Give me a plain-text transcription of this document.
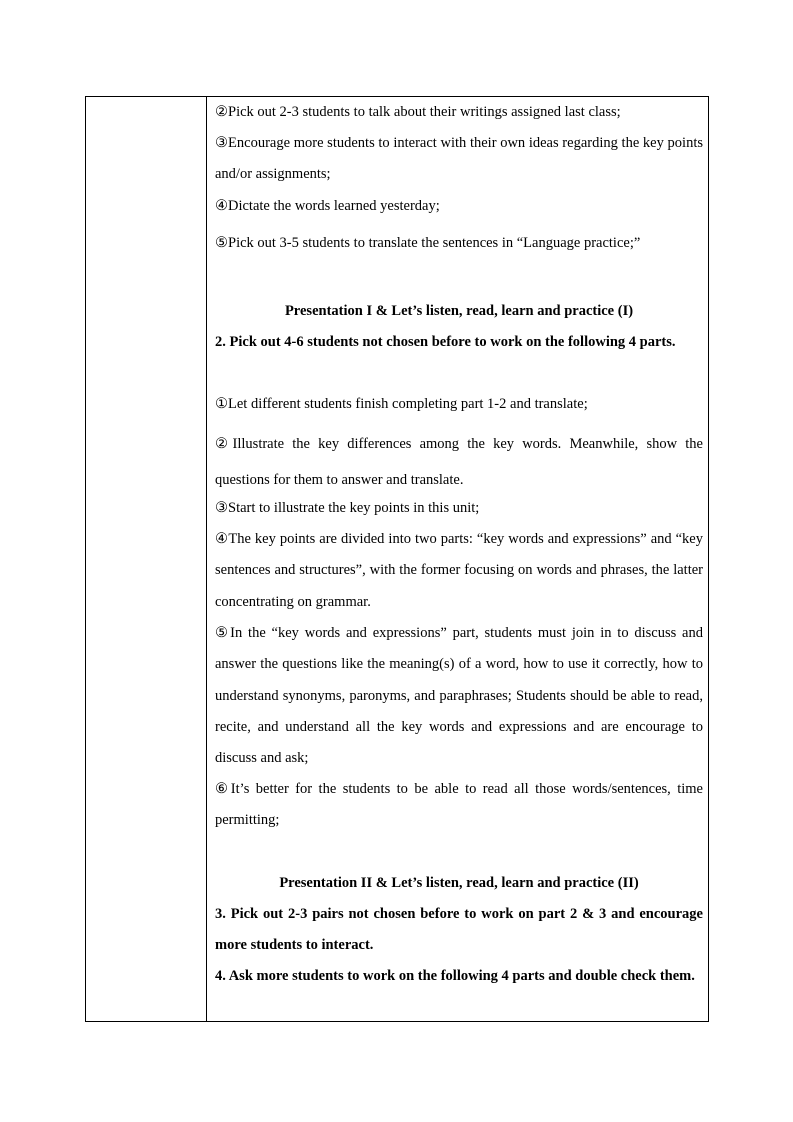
②Pick out 2-3 students to talk about their writings assigned last class;

③Encourage more students to interact with their own ideas regarding the key points and/or assignments;

④Dictate the words learned yesterday;

⑤Pick out 3-5 students to translate the sentences in “Language practice;”

Presentation I & Let’s listen, read, learn and practice (I)

2. Pick out 4-6 students not chosen before to work on the following 4 parts.

①Let different students finish completing part 1-2 and translate;

②Illustrate the key differences among the key words. Meanwhile, show the questions for them to answer and translate.

③Start to illustrate the key points in this unit;

④The key points are divided into two parts: “key words and expressions” and “key sentences and structures”, with the former focusing on words and phrases, the latter concentrating on grammar.

⑤In the “key words and expressions” part, students must join in to discuss and answer the questions like the meaning(s) of a word, how to use it correctly, how to understand synonyms, paronyms, and paraphrases; Students should be able to read, recite, and understand all the key words and expressions and are encourage to discuss and ask;

⑥It’s better for the students to be able to read all those words/sentences, time permitting;

Presentation II & Let’s listen, read, learn and practice (II)

3. Pick out 2-3 pairs not chosen before to work on part 2 & 3 and encourage more students to interact.

4. Ask more students to work on the following 4 parts and double check them.
